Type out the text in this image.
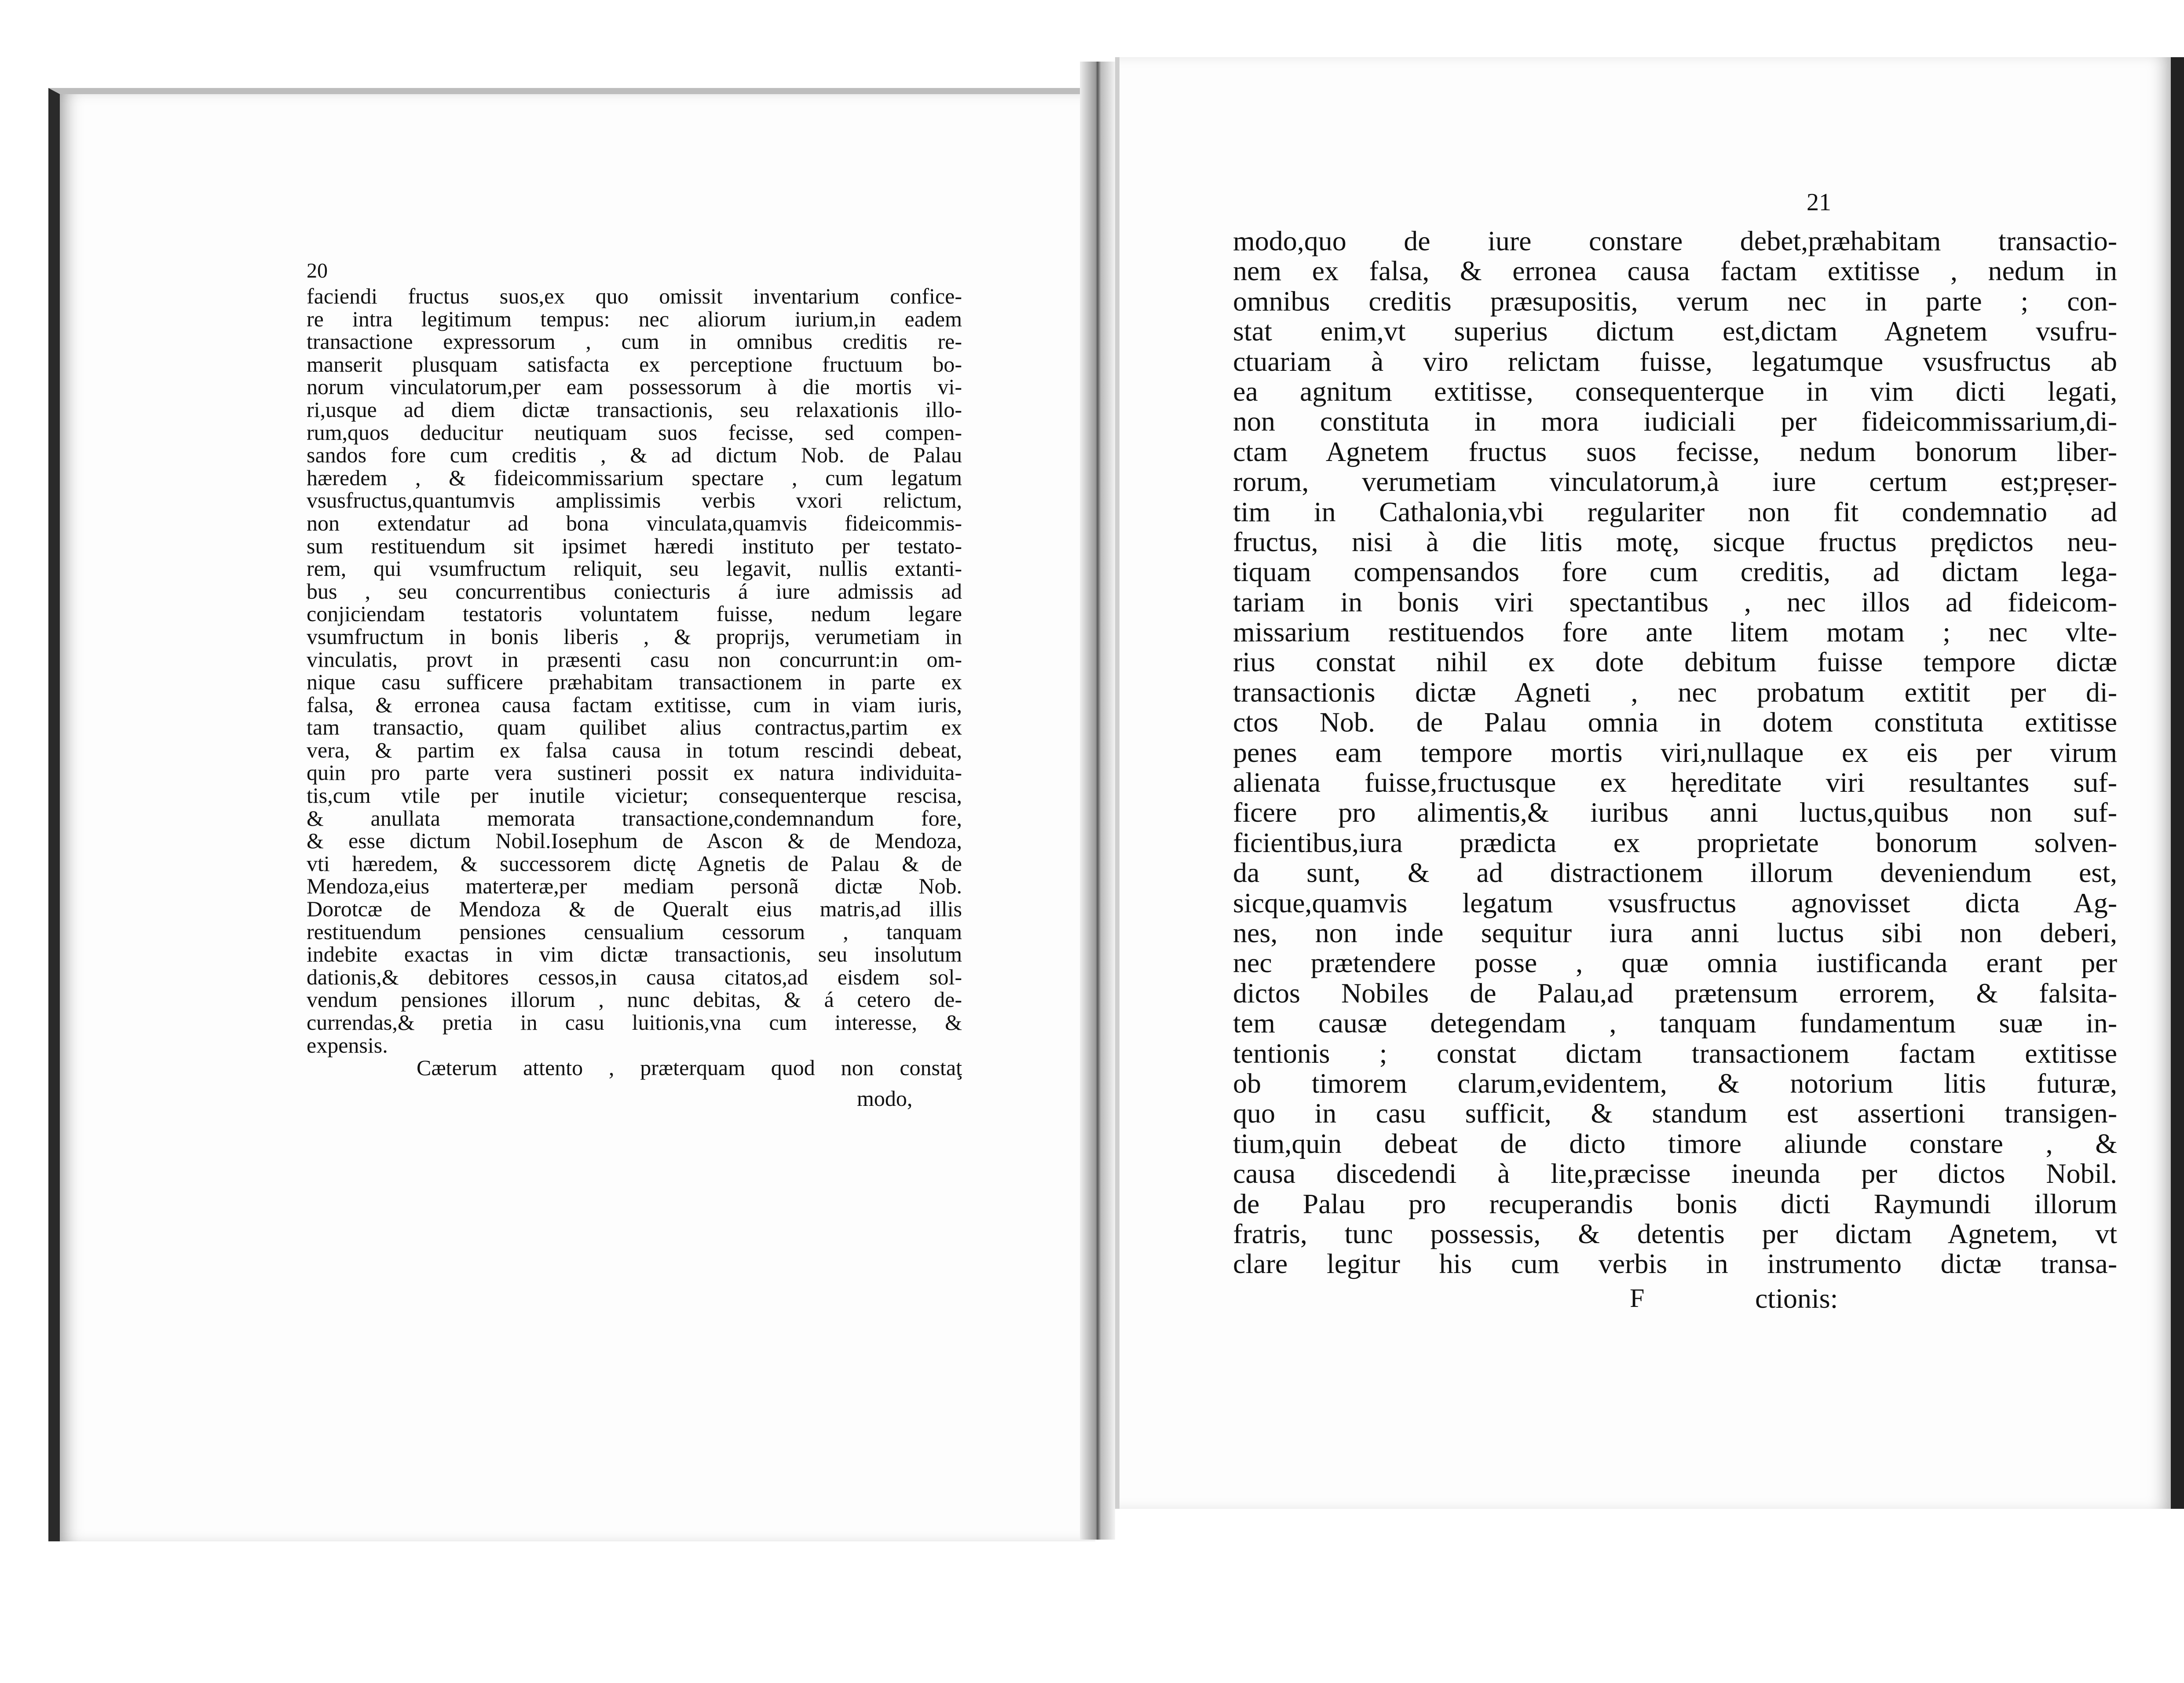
20
faciendi fructus suos,ex quo omissit inventarium confice-
re intra legitimum tempus: nec aliorum iurium,in eadem
transactione expressorum , cum in omnibus creditis re-
manserit plusquam satisfacta ex perceptione fructuum bo-
norum vinculatorum,per eam possessorum à die mortis vi-
ri,usque ad diem dictæ transactionis, seu relaxationis illo-
rum,quos deducitur neutiquam suos fecisse, sed compen-
sandos fore cum creditis , & ad dictum Nob. de Palau
hæredem , & fideicommissarium spectare , cum legatum
vsusfructus,quantumvis amplissimis verbis vxori relictum,
non extendatur ad bona vinculata,quamvis fideicommis-
sum restituendum sit ipsimet hæredi instituto per testato-
rem, qui vsumfructum reliquit, seu legavit, nullis extanti-
bus , seu concurrentibus coniecturis á iure admissis ad
conjiciendam testatoris voluntatem fuisse, nedum legare
vsumfructum in bonis liberis , & proprijs, verumetiam in
vinculatis, provt in præsenti casu non concurrunt:in om-
nique casu sufficere præhabitam transactionem in parte ex
falsa, & erronea causa factam extitisse, cum in viam iuris,
tam transactio, quam quilibet alius contractus,partim ex
vera, & partim ex falsa causa in totum rescindi debeat,
quin pro parte vera sustineri possit ex natura individuita-
tis,cum vtile per inutile vicietur; consequenterque rescisa,
& anullata memorata transactione,condemnandum fore,
& esse dictum Nobil.Iosephum de Ascon & de Mendoza,
vti hæredem, & successorem dictę Agnetis de Palau & de
Mendoza,eius materteræ,per mediam personã dictæ Nob.
Dorotcæ de Mendoza & de Queralt eius matris,ad illis
restituendum pensiones censualium cessorum , tanquam
indebite exactas in vim dictæ transactionis, seu insolutum
dationis,& debitores cessos,in causa citatos,ad eisdem sol-
vendum pensiones illorum , nunc debitas, & á cetero de-
currendas,& pretia in casu luitionis,vna cum interesse, &
expensis.
Cæterum attento , præterquam quod non constaţ
modo,
21
modo,quo de iure constare debet,præhabitam transactio-
nem ex falsa, & erronea causa factam extitisse , nedum in
omnibus creditis præsupositis, verum nec in parte ; con-
stat enim,vt superius dictum est,dictam Agnetem vsufru-
ctuariam à viro relictam fuisse, legatumque vsusfructus ab
ea agnitum extitisse, consequenterque in vim dicti legati,
non constituta in mora iudiciali per fideicommissarium,di-
ctam Agnetem fructus suos fecisse, nedum bonorum liber-
rorum, verumetiam vinculatorum,à iure certum est;prẹser-
tim in Cathalonia,vbi regulariter non fit condemnatio ad
fructus, nisi à die litis motę, sicque fructus prędictos neu-
tiquam compensandos fore cum creditis, ad dictam lega-
tariam in bonis viri spectantibus , nec illos ad fideicom-
missarium restituendos fore ante litem motam ; nec vlte-
rius constat nihil ex dote debitum fuisse tempore dictæ
transactionis dictæ Agneti , nec probatum extitit per di-
ctos Nob. de Palau omnia in dotem constituta extitisse
penes eam tempore mortis viri,nullaque ex eis per virum
alienata fuisse,fructusque ex hęreditate viri resultantes suf-
ficere pro alimentis,& iuribus anni luctus,quibus non suf-
ficientibus,iura prædicta ex proprietate bonorum solven-
da sunt, & ad distractionem illorum deveniendum est,
sicque,quamvis legatum vsusfructus agnovisset dicta Ag-
nes, non inde sequitur iura anni luctus sibi non deberi,
nec prætendere posse , quæ omnia iustificanda erant per
dictos Nobiles de Palau,ad prætensum errorem, & falsita-
tem causæ detegendam , tanquam fundamentum suæ in-
tentionis ; constat dictam transactionem factam extitisse
ob timorem clarum,evidentem, & notorium litis futuræ,
quo in casu sufficit, & standum est assertioni transigen-
tium,quin debeat de dicto timore aliunde constare , &
causa discedendi à lite,præcisse ineunda per dictos Nobil.
de Palau pro recuperandis bonis dicti Raymundi illorum
fratris, tunc possessis, & detentis per dictam Agnetem, vt
clare legitur his cum verbis in instrumento dictæ transa-
F	ctionis:
